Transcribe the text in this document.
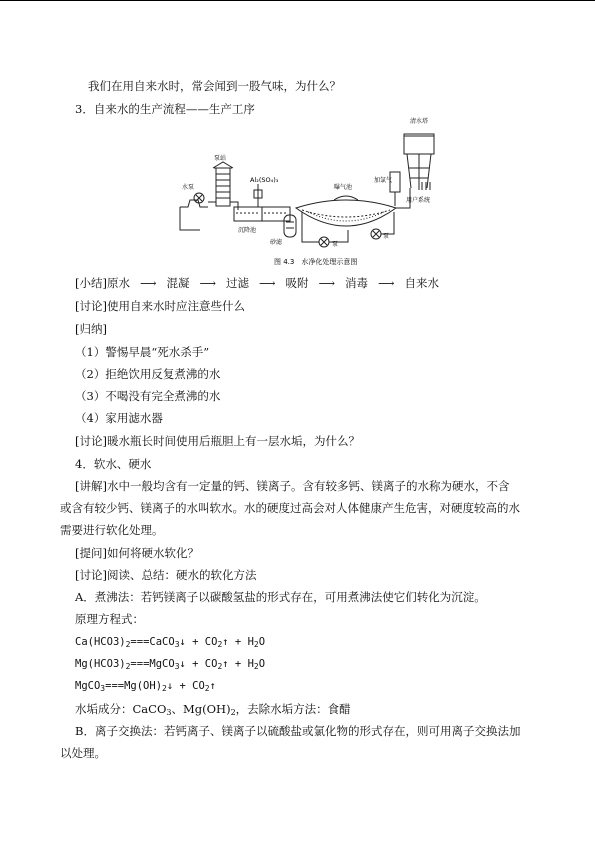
我们在用自来水时，常会闻到一股气味，为什么？
3．自来水的生产流程——生产工序
清水塔
泵站
Al₂(SO₄)₃
水泵
沉降池
曝气池
加氯气
用户系统
砂滤	泵
泵
图 4.3　水净化处理示意图
[小结]原水 ⟶ 混凝 ⟶ 过滤 ⟶ 吸附 ⟶ 消毒 ⟶ 自来水
[讨论]使用自来水时应注意些什么
[归纳]
（1）警惕早晨“死水杀手”
（2）拒绝饮用反复煮沸的水
（3）不喝没有完全煮沸的水
（4）家用滤水器
[讨论]暖水瓶长时间使用后瓶胆上有一层水垢，为什么？
4．软水、硬水
[讲解]水中一般均含有一定量的钙、镁离子。含有较多钙、镁离子的水称为硬水，不含
或含有较少钙、镁离子的水叫软水。水的硬度过高会对人体健康产生危害，对硬度较高的水
需要进行软化处理。
[提问]如何将硬水软化？
[讨论]阅读、总结：硬水的软化方法
A．煮沸法：若钙镁离子以碳酸氢盐的形式存在，可用煮沸法使它们转化为沉淀。
原理方程式：
$Ca(HCO3)_2===CaCO_3↓$ + $CO_2↑ + H_2O$
$Mg(HCO3)_2===MgCO_3↓$ + $CO_2↑ + H_2O$
$MgCO_3===Mg(OH)_2↓$ + $CO_2↑$
水垢成分：CaCO$_3$、$Mg(OH)_2$，去除水垢方法：食醋
B．离子交换法：若钙离子、镁离子以硫酸盐或氯化物的形式存在，则可用离子交换法加
以处理。
